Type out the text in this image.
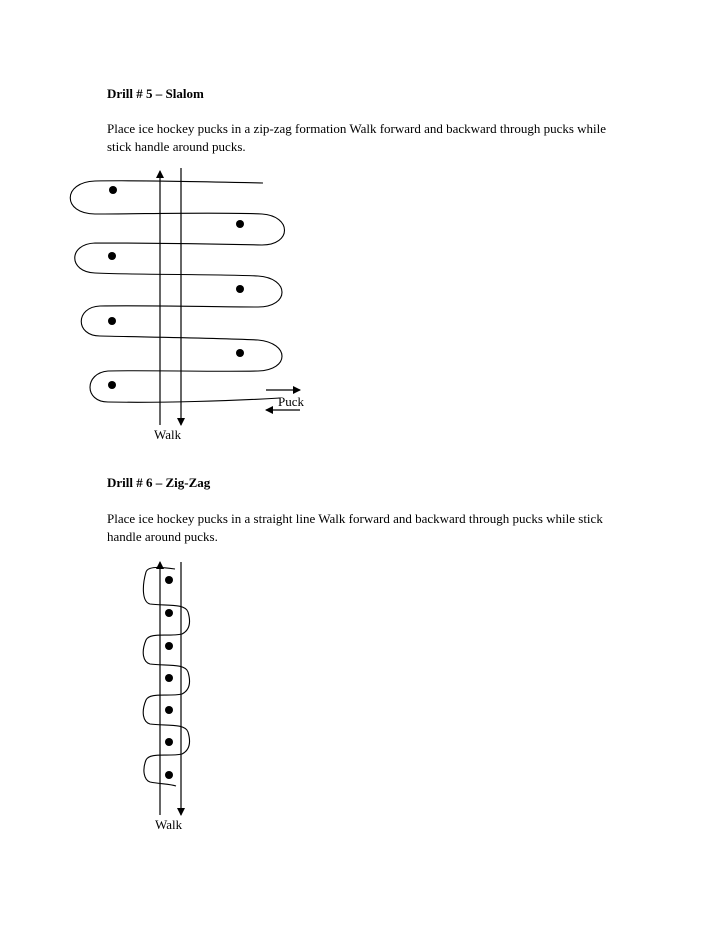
Drill # 5 – Slalom

Place ice hockey pucks in a zip-zag formation Walk forward and backward through pucks while stick handle around pucks.

Puck
Walk
Drill # 6 – Zig-Zag

Place ice hockey pucks in a straight line Walk forward and backward through pucks while stick handle around pucks.

Walk
